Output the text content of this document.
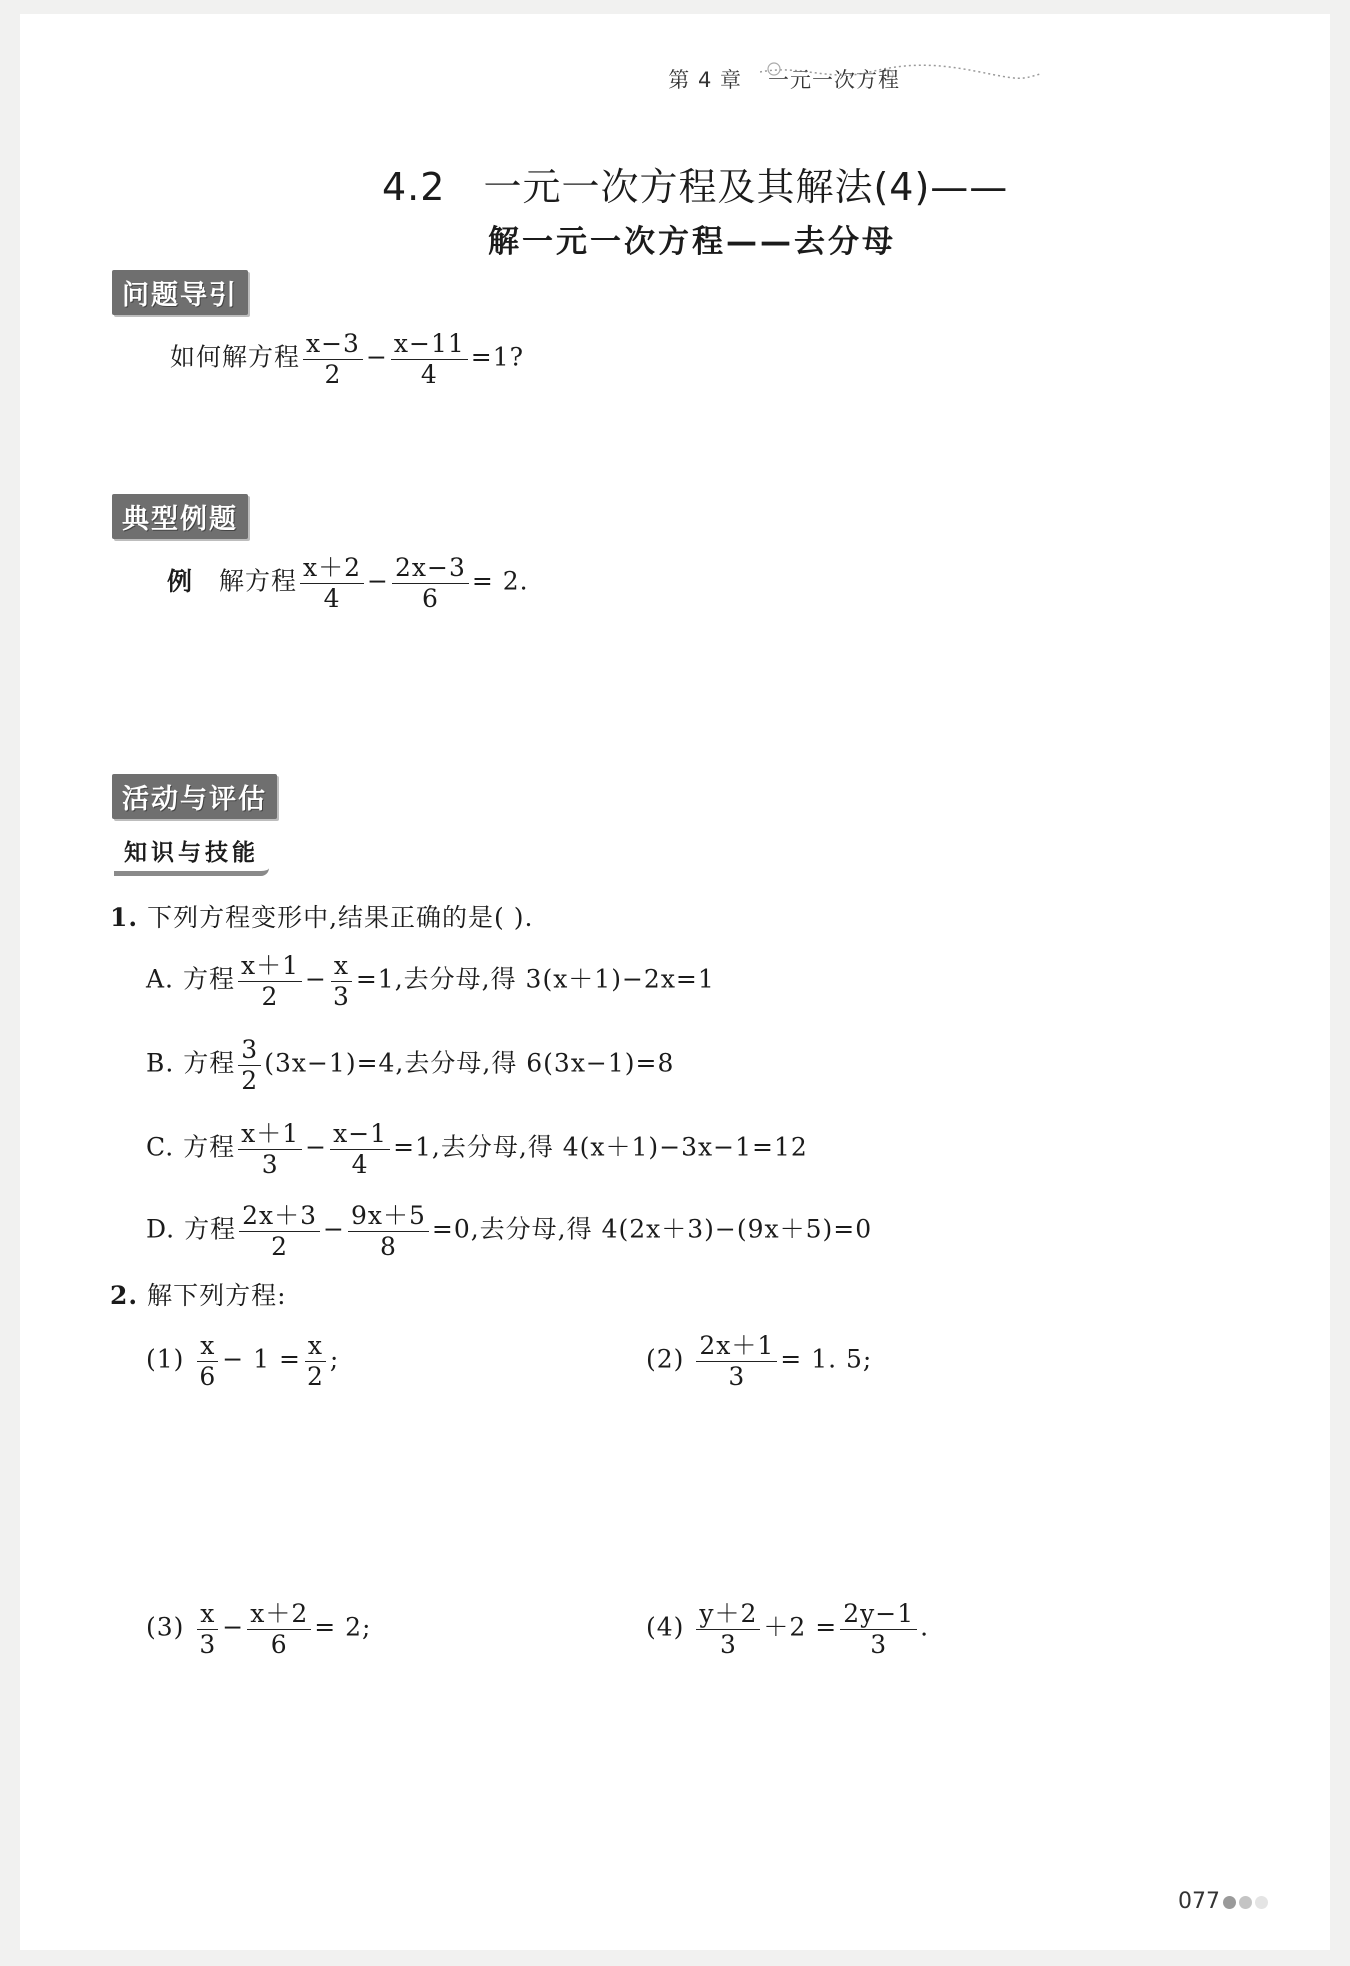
第 4 章 一元一次方程
4.2 一元一次方程及其解法(4)——
解一元一次方程——去分母
问题导引
如何解方程 $\frac{x-3}{2} - \frac{x-11}{4} =1$?
典型例题
例 解方程 $\frac{x+2}{4} - \frac{2x-3}{6} = 2$.
活动与评估
知识与技能
1. 下列方程变形中,结果正确的是( ).
A. 方程 $\frac{x+1}{2} - \frac{x}{3} =1$,去分母,得 3(x＋1)−2x=1
B. 方程 $\frac{3}{2} (3x-1)=4$,去分母,得 6(3x−1)=8
C. 方程 $\frac{x+1}{3} - \frac{x-1}{4} =1$,去分母,得 4(x＋1)−3x−1=12
D. 方程 $\frac{2x+3}{2} - \frac{9x+5}{8} =0$,去分母,得 4(2x＋3)−(9x＋5)=0
2. 解下列方程:
$(1) \frac{x}{6} - 1 = \frac{x}{2}$ ;	$(2) \frac{2x+1}{3} = 1$. 5;
$(3) \frac{x}{3} - \frac{x+2}{6} = 2$;	$(4) \frac{y+2}{3} +2 = \frac{2y-1}{3}$ .
077
